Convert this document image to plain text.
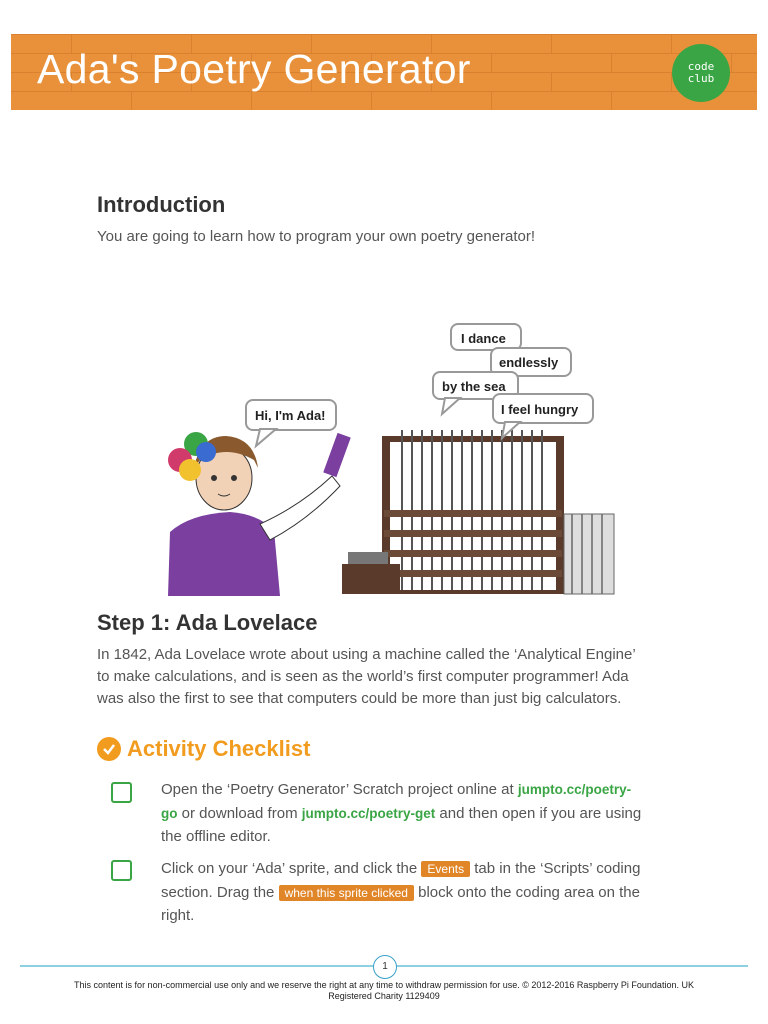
Ada's Poetry Generator	code
club
Introduction

You are going to learn how to program your own poetry generator!

I dance
endlessly
by the sea
I feel hungry
Hi, I'm Ada!
Step 1: Ada Lovelace

In 1842, Ada Lovelace wrote about using a machine called the ‘Analytical Engine’

to make calculations, and is seen as the world’s first computer programmer! Ada

was also the first to see that computers could be more than just big calculators.

Activity Checklist
Open the ‘Poetry Generator’ Scratch project online at jumpto.cc/poetry-
go or download from jumpto.cc/poetry-get and then open if you are using
the offline editor.
Click on your ‘Ada’ sprite, and click the Events tab in the ‘Scripts’ coding
section. Drag the when this sprite clicked block onto the coding area on the
right.
1
This content is for non-commercial use only and we reserve the right at any time to withdraw permission for use. © 2012-2016 Raspberry Pi Foundation. UK
Registered Charity 1129409
